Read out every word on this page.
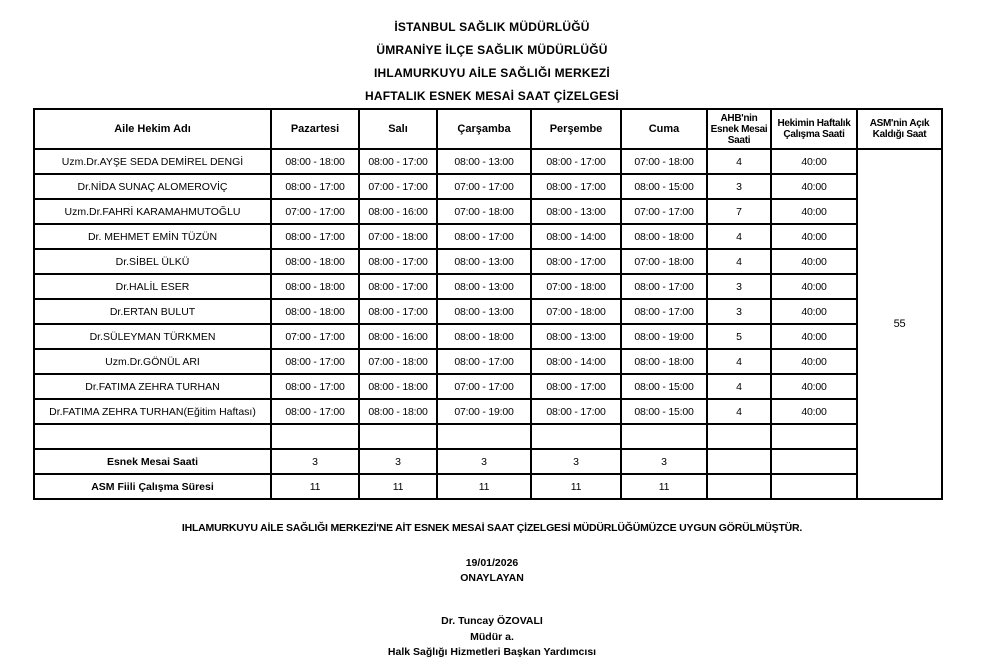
İSTANBUL SAĞLIK MÜDÜRLÜĞÜ
ÜMRANİYE İLÇE SAĞLIK MÜDÜRLÜĞÜ
IHLAMURKUYU AİLE SAĞLIĞI MERKEZİ
HAFTALIK ESNEK MESAİ SAAT ÇİZELGESİ
Aile Hekim Adı	Pazartesi	Salı	Çarşamba	Perşembe	Cuma	AHB'nin Esnek Mesai Saati	Hekimin Haftalık Çalışma Saati	ASM'nin Açık Kaldığı Saat
Uzm.Dr.AYŞE SEDA DEMİREL DENGİ	08:00 - 18:00	08:00 - 17:00	08:00 - 13:00	08:00 - 17:00	07:00 - 18:00	4	40:00	55
Dr.NİDA SUNAÇ ALOMEROVİÇ	08:00 - 17:00	07:00 - 17:00	07:00 - 17:00	08:00 - 17:00	08:00 - 15:00	3	40:00	
Uzm.Dr.FAHRİ KARAMAHMUTOĞLU	07:00 - 17:00	08:00 - 16:00	07:00 - 18:00	08:00 - 13:00	07:00 - 17:00	7	40:00	
Dr. MEHMET EMİN TÜZÜN	08:00 - 17:00	07:00 - 18:00	08:00 - 17:00	08:00 - 14:00	08:00 - 18:00	4	40:00	
Dr.SİBEL ÜLKÜ	08:00 - 18:00	08:00 - 17:00	08:00 - 13:00	08:00 - 17:00	07:00 - 18:00	4	40:00	
Dr.HALİL ESER	08:00 - 18:00	08:00 - 17:00	08:00 - 13:00	07:00 - 18:00	08:00 - 17:00	3	40:00	
Dr.ERTAN BULUT	08:00 - 18:00	08:00 - 17:00	08:00 - 13:00	07:00 - 18:00	08:00 - 17:00	3	40:00	
Dr.SÜLEYMAN TÜRKMEN	07:00 - 17:00	08:00 - 16:00	08:00 - 18:00	08:00 - 13:00	08:00 - 19:00	5	40:00	
Uzm.Dr.GÖNÜL ARI	08:00 - 17:00	07:00 - 18:00	08:00 - 17:00	08:00 - 14:00	08:00 - 18:00	4	40:00	
Dr.FATIMA ZEHRA TURHAN	08:00 - 17:00	08:00 - 18:00	07:00 - 17:00	08:00 - 17:00	08:00 - 15:00	4	40:00	
Dr.FATIMA ZEHRA TURHAN(Eğitim Haftası)	08:00 - 17:00	08:00 - 18:00	07:00 - 19:00	08:00 - 17:00	08:00 - 15:00	4	40:00	

Esnek Mesai Saati	3	3	3	3	3			
ASM Fiili Çalışma Süresi	11	11	11	11	11			
IHLAMURKUYU AİLE SAĞLIĞI MERKEZİ'NE AİT ESNEK MESAİ SAAT ÇİZELGESİ MÜDÜRLÜĞÜMÜZCE UYGUN GÖRÜLMÜŞTÜR.
19/01/2026
ONAYLAYAN
Dr. Tuncay ÖZOVALI
Müdür a.
Halk Sağlığı Hizmetleri Başkan Yardımcısı
